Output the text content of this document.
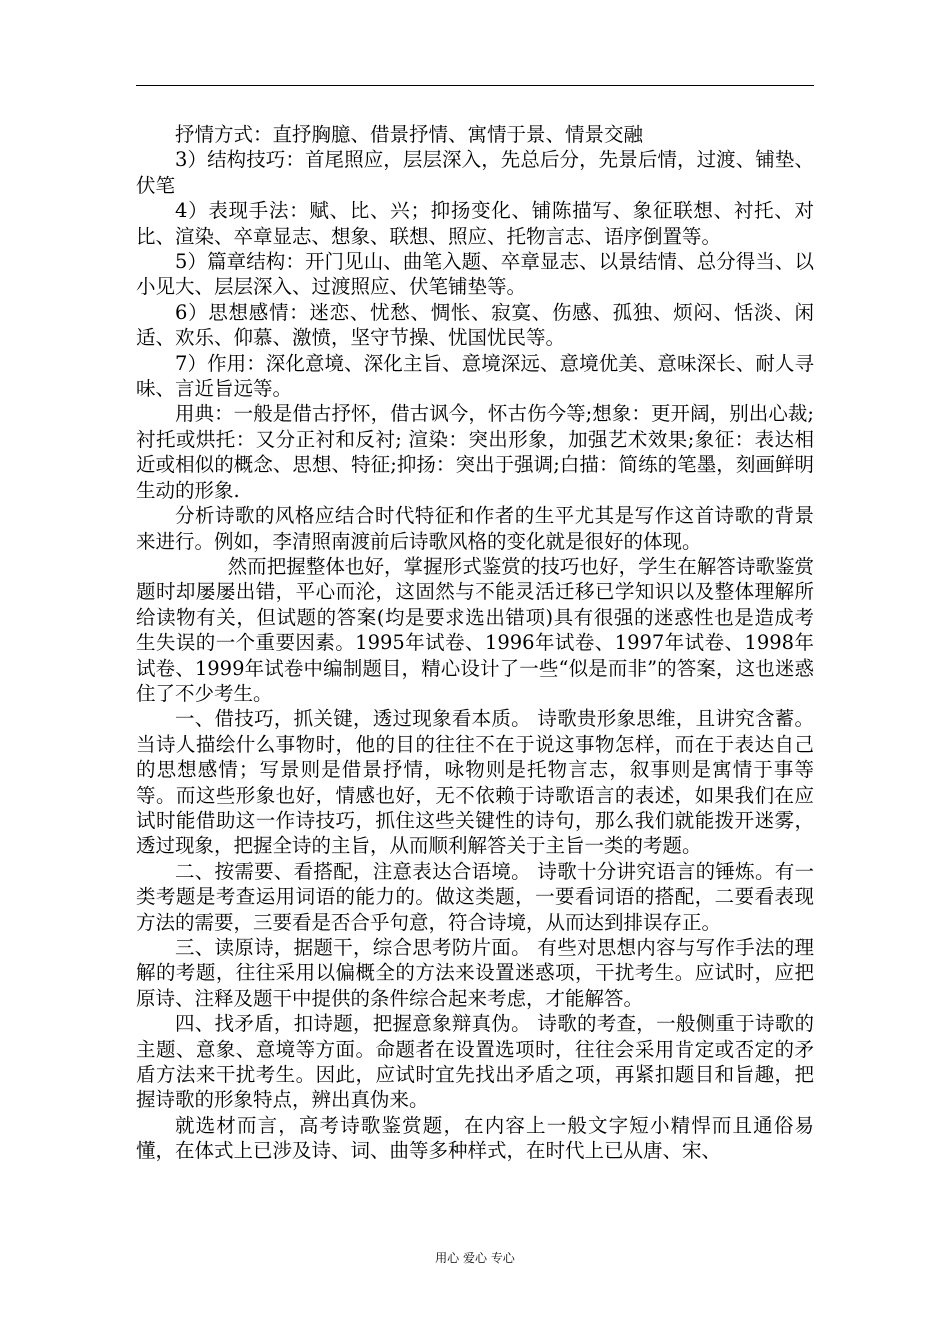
抒情方式：直抒胸臆、借景抒情、寓情于景、情景交融

3）结构技巧：首尾照应，层层深入，先总后分，先景后情，过渡、铺垫、伏笔

4）表现手法：赋、比、兴；抑扬变化、铺陈描写、象征联想、衬托、对比、渲染、卒章显志、想象、联想、照应、托物言志、语序倒置等。

5）篇章结构：开门见山、曲笔入题、卒章显志、以景结情、总分得当、以小见大、层层深入、过渡照应、伏笔铺垫等。

6）思想感情：迷恋、忧愁、惆怅、寂寞、伤感、孤独、烦闷、恬淡、闲适、欢乐、仰慕、激愤，坚守节操、忧国忧民等。

7）作用：深化意境、深化主旨、意境深远、意境优美、意味深长、耐人寻味、言近旨远等。

用典：一般是借古抒怀，借古讽今，怀古伤今等;想象：更开阔，别出心裁;衬托或烘托：又分正衬和反衬; 渲染：突出形象，加强艺术效果;象征：表达相近或相似的概念、思想、特征;抑扬：突出于强调;白描：简练的笔墨，刻画鲜明生动的形象.

分析诗歌的风格应结合时代特征和作者的生平尤其是写作这首诗歌的背景来进行。例如，李清照南渡前后诗歌风格的变化就是很好的体现。

然而把握整体也好，掌握形式鉴赏的技巧也好，学生在解答诗歌鉴赏题时却屡屡出错，平心而沦，这固然与不能灵活迁移已学知识以及整体理解所给读物有关，但试题的答案(均是要求选出错项)具有很强的迷惑性也是造成考生失误的一个重要因素。1995年试卷、1996年试卷、1997年试卷、1998年试卷、1999年试卷中编制题目，精心设计了一些“似是而非”的答案，这也迷惑住了不少考生。

一、借技巧，抓关键，透过现象看本质。 诗歌贵形象思维，且讲究含蓄。当诗人描绘什么事物时，他的目的往往不在于说这事物怎样，而在于表达自己的思想感情；写景则是借景抒情，咏物则是托物言志，叙事则是寓情于事等等。而这些形象也好，情感也好，无不依赖于诗歌语言的表述，如果我们在应试时能借助这一作诗技巧，抓住这些关键性的诗句，那么我们就能拨开迷雾，透过现象，把握全诗的主旨，从而顺利解答关于主旨一类的考题。

二、按需要、看搭配，注意表达合语境。 诗歌十分讲究语言的锤炼。有一类考题是考查运用词语的能力的。做这类题，一要看词语的搭配，二要看表现方法的需要，三要看是否合乎句意，符合诗境，从而达到排误存正。

三、读原诗，据题干，综合思考防片面。 有些对思想内容与写作手法的理解的考题，往往采用以偏概全的方法来设置迷惑项，干扰考生。应试时，应把原诗、注释及题干中提供的条件综合起来考虑，才能解答。

四、找矛盾，扣诗题，把握意象辩真伪。 诗歌的考查，一般侧重于诗歌的主题、意象、意境等方面。命题者在设置选项时，往往会采用肯定或否定的矛盾方法来干扰考生。因此，应试时宜先找出矛盾之项，再紧扣题目和旨趣，把握诗歌的形象特点，辨出真伪来。

就选材而言，高考诗歌鉴赏题，在内容上一般文字短小精悍而且通俗易懂，在体式上已涉及诗、词、曲等多种样式，在时代上已从唐、宋、

用心 爱心 专心
